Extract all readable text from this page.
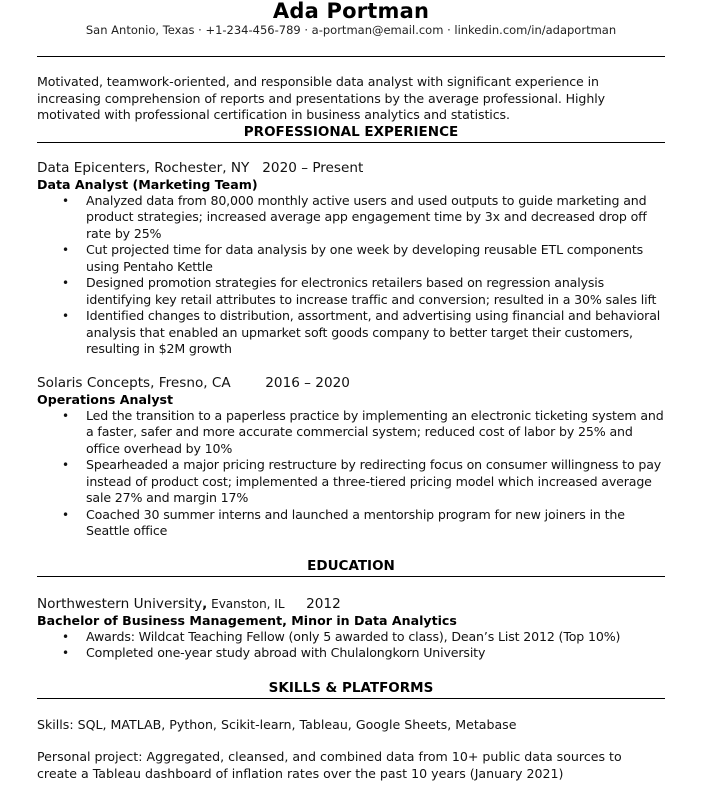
Ada Portman
San Antonio, Texas · +1-234-456-789 · a-portman@email.com · linkedin.com/in/adaportman
Motivated, teamwork-oriented, and responsible data analyst with significant experience in increasing comprehension of reports and presentations by the average professional. Highly motivated with professional certification in business analytics and statistics.
PROFESSIONAL EXPERIENCE
Data Epicenters, Rochester, NY   2020 – Present
Data Analyst (Marketing Team)
• Analyzed data from 80,000 monthly active users and used outputs to guide marketing and product strategies; increased average app engagement time by 3x and decreased drop off rate by 25%
• Cut projected time for data analysis by one week by developing reusable ETL components using Pentaho Kettle
• Designed promotion strategies for electronics retailers based on regression analysis identifying key retail attributes to increase traffic and conversion; resulted in a 30% sales lift
• Identified changes to distribution, assortment, and advertising using financial and behavioral analysis that enabled an upmarket soft goods company to better target their customers, resulting in $2M growth
Solaris Concepts, Fresno, CA        2016 – 2020
Operations Analyst
• Led the transition to a paperless practice by implementing an electronic ticketing system and a faster, safer and more accurate commercial system; reduced cost of labor by 25% and office overhead by 10%
• Spearheaded a major pricing restructure by redirecting focus on consumer willingness to pay instead of product cost; implemented a three-tiered pricing model which increased average sale 27% and margin 17%
• Coached 30 summer interns and launched a mentorship program for new joiners in the Seattle office
EDUCATION
Northwestern University, Evanston, IL     2012
Bachelor of Business Management, Minor in Data Analytics
• Awards: Wildcat Teaching Fellow (only 5 awarded to class), Dean’s List 2012 (Top 10%)
• Completed one-year study abroad with Chulalongkorn University
SKILLS & PLATFORMS
Skills: SQL, MATLAB, Python, Scikit-learn, Tableau, Google Sheets, Metabase
Personal project: Aggregated, cleansed, and combined data from 10+ public data sources to create a Tableau dashboard of inflation rates over the past 10 years (January 2021)
